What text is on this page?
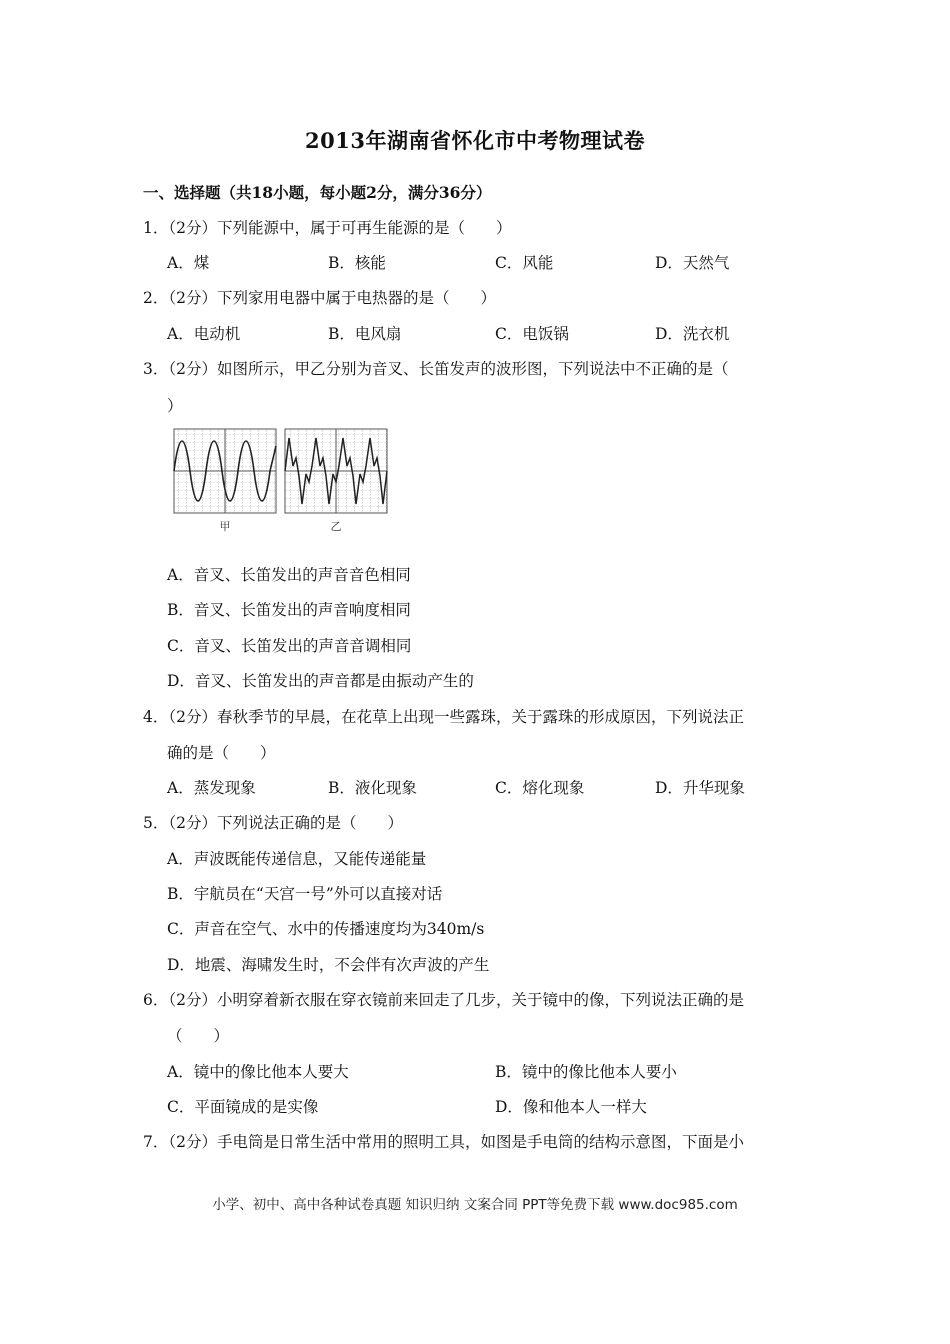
2013年湖南省怀化市中考物理试卷
一、选择题（共18小题，每小题2分，满分36分）
1．（2分）下列能源中，属于可再生能源的是（　　）
A．煤	B．核能	C．风能	D．天然气
2．（2分）下列家用电器中属于电热器的是（　　）
A．电动机	B．电风扇	C．电饭锅	D．洗衣机
3．（2分）如图所示，甲乙分别为音叉、长笛发声的波形图，下列说法中不正确的是（
）
甲	乙
A．音叉、长笛发出的声音音色相同
B．音叉、长笛发出的声音响度相同
C．音叉、长笛发出的声音音调相同
D．音叉、长笛发出的声音都是由振动产生的
4．（2分）春秋季节的早晨，在花草上出现一些露珠，关于露珠的形成原因，下列说法正
确的是（　　）
A．蒸发现象	B．液化现象	C．熔化现象	D．升华现象
5．（2分）下列说法正确的是（　　）
A．声波既能传递信息，又能传递能量
B．宇航员在“天宫一号”外可以直接对话
C．声音在空气、水中的传播速度均为340m/s
D．地震、海啸发生时，不会伴有次声波的产生
6．（2分）小明穿着新衣服在穿衣镜前来回走了几步，关于镜中的像，下列说法正确的是
（　　）
A．镜中的像比他本人要大	B．镜中的像比他本人要小
C．平面镜成的是实像	D．像和他本人一样大
7．（2分）手电筒是日常生活中常用的照明工具，如图是手电筒的结构示意图，下面是小
小学、初中、高中各种试卷真题 知识归纳 文案合同 PPT等免费下载 www.doc985.com
